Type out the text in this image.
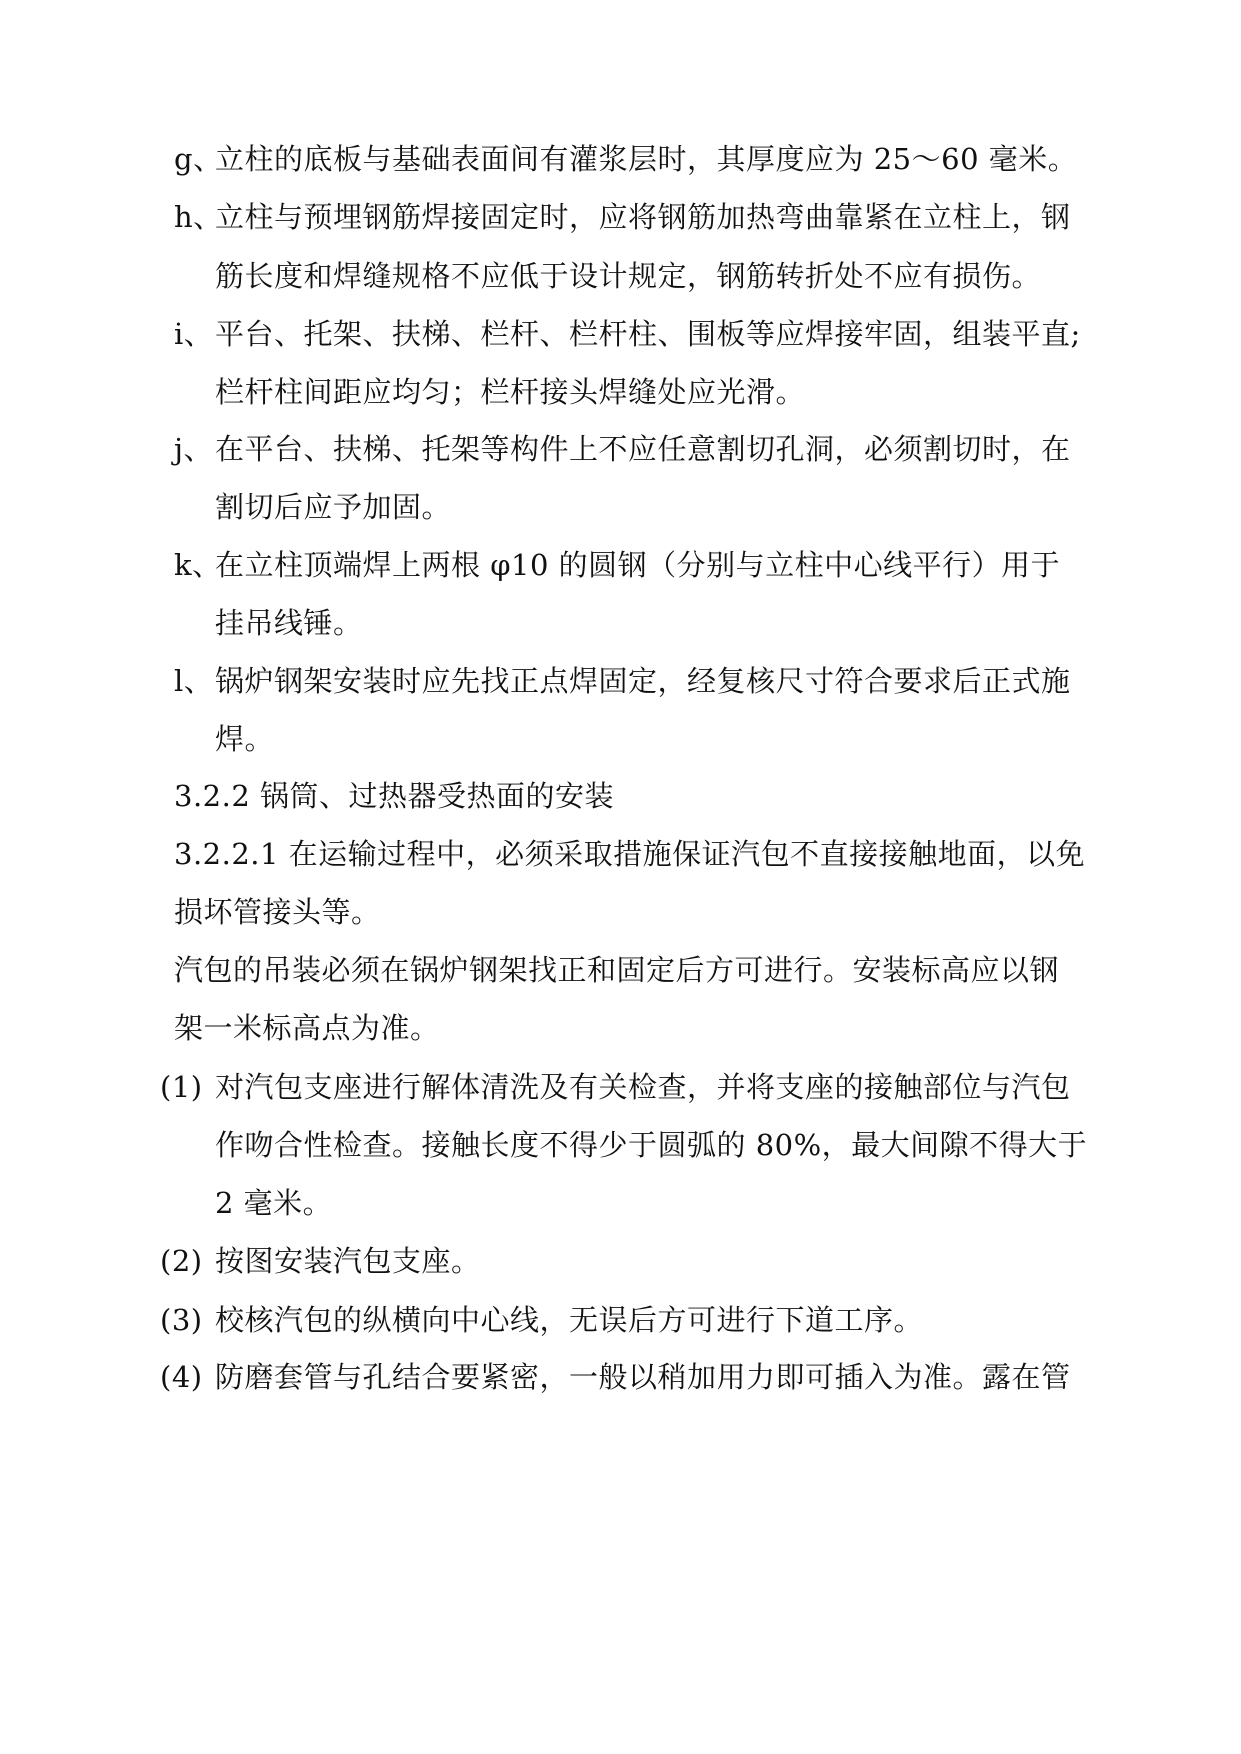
g、
立柱的底板与基础表面间有灌浆层时，其厚度应为 25～60 毫米。
h、
立柱与预埋钢筋焊接固定时，应将钢筋加热弯曲靠紧在立柱上，钢
筋长度和焊缝规格不应低于设计规定，钢筋转折处不应有损伤。
i、 平台、托架、扶梯、栏杆、栏杆柱、围板等应焊接牢固，组装平直;
栏杆柱间距应均匀；栏杆接头焊缝处应光滑。
j、 在平台、扶梯、托架等构件上不应任意割切孔洞，必须割切时，在
割切后应予加固。
k、
在立柱顶端焊上两根 φ10 的圆钢（分别与立柱中心线平行）用于
挂吊线锤。
l、 锅炉钢架安装时应先找正点焊固定，经复核尺寸符合要求后正式施
焊。
3.2.2 锅筒、过热器受热面的安装
3.2.2.1 在运输过程中，必须采取措施保证汽包不直接接触地面，以免
损坏管接头等。
汽包的吊装必须在锅炉钢架找正和固定后方可进行。安装标高应以钢
架一米标高点为准。
(1) 对汽包支座进行解体清洗及有关检查，并将支座的接触部位与汽包
作吻合性检查。接触长度不得少于圆弧的 80%，最大间隙不得大于
2 毫米。
(2) 按图安装汽包支座。
(3) 校核汽包的纵横向中心线，无误后方可进行下道工序。
(4) 防磨套管与孔结合要紧密，一般以稍加用力即可插入为准。露在管
